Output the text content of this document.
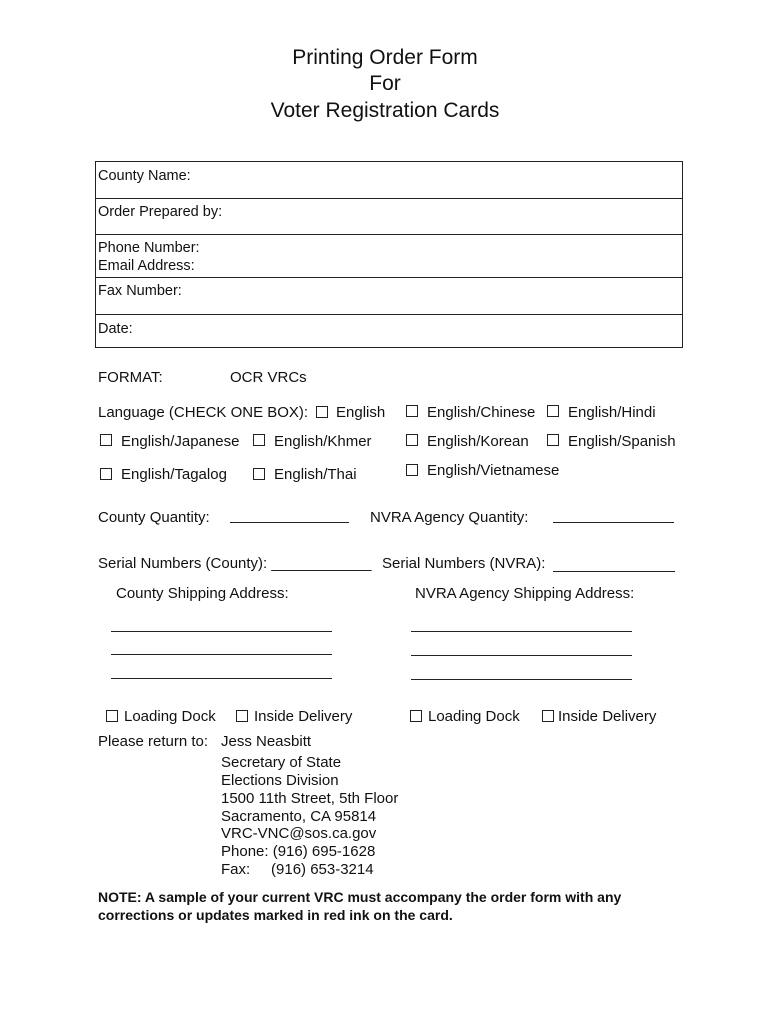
Printing Order Form
For
Voter Registration Cards
County Name:
Order Prepared by:
Phone Number:
Email Address:
Fax Number:
Date:
FORMAT:	OCR VRCs
Language (CHECK ONE BOX): English	English/Chinese English/Hindi
English/Japanese English/Khmer	English/Korean	English/Spanish
English/Tagalog	English/Thai	English/Vietnamese
County Quantity:	NVRA Agency Quantity:
Serial Numbers (County): ____________ Serial Numbers (NVRA):
County Shipping Address:	NVRA Agency Shipping Address:
Loading Dock	Inside Delivery	Loading Dock	Inside Delivery
Please return to: Jess Neasbitt
Secretary of State
Elections Division
1500 11th Street, 5th Floor
Sacramento, CA 95814
VRC-VNC@sos.ca.gov
Phone: (916) 695-1628
Fax:     (916) 653-3214
NOTE: A sample of your current VRC must accompany the order form with any
corrections or updates marked in red ink on the card.
